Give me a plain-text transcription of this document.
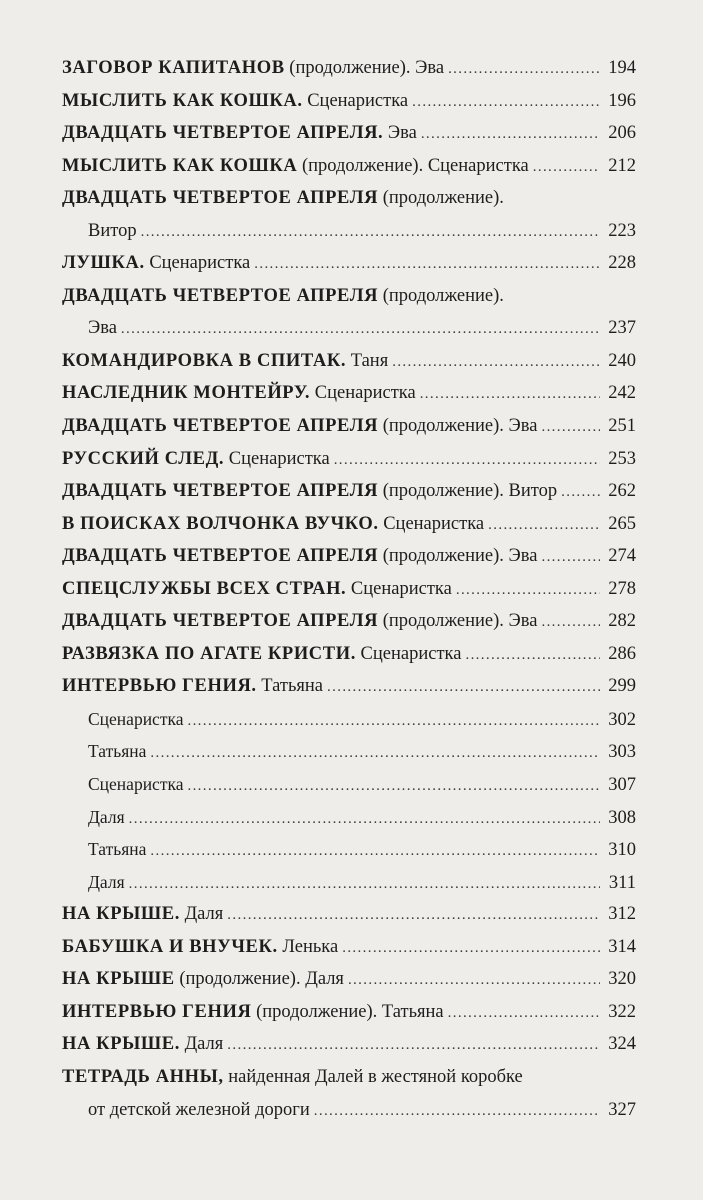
ЗАГОВОР КАПИТАНОВ (продолжение). Эва . . .	194
МЫСЛИТЬ КАК КОШКА. Сценаристка . . .	196
ДВАДЦАТЬ ЧЕТВЕРТОЕ АПРЕЛЯ. Эва . . .	206
МЫСЛИТЬ КАК КОШКА (продолжение). Сценаристка . . .	212
ДВАДЦАТЬ ЧЕТВЕРТОЕ АПРЕЛЯ (продолжение).
Витор . . .	223
ЛУШКА. Сценаристка . . .	228
ДВАДЦАТЬ ЧЕТВЕРТОЕ АПРЕЛЯ (продолжение).
Эва . . .	237
КОМАНДИРОВКА В СПИТАК. Таня . . .	240
НАСЛЕДНИК МОНТЕЙРУ. Сценаристка . . .	242
ДВАДЦАТЬ ЧЕТВЕРТОЕ АПРЕЛЯ (продолжение). Эва . . .	251
РУССКИЙ СЛЕД. Сценаристка . . .	253
ДВАДЦАТЬ ЧЕТВЕРТОЕ АПРЕЛЯ (продолжение). Витор . . .	262
В ПОИСКАХ ВОЛЧОНКА ВУЧКО. Сценаристка . . .	265
ДВАДЦАТЬ ЧЕТВЕРТОЕ АПРЕЛЯ (продолжение). Эва . . .	274
СПЕЦСЛУЖБЫ ВСЕХ СТРАН. Сценаристка . . .	278
ДВАДЦАТЬ ЧЕТВЕРТОЕ АПРЕЛЯ (продолжение). Эва . . .	282
РАЗВЯЗКА ПО АГАТЕ КРИСТИ. Сценаристка . . .	286
ИНТЕРВЬЮ ГЕНИЯ. Татьяна . . .	299
Сценаристка . . .	302
Татьяна . . .	303
Сценаристка . . .	307
Даля . . .	308
Татьяна . . .	310
Даля . . .	311
НА КРЫШЕ. Даля . . .	312
БАБУШКА И ВНУЧЕК. Ленька . . .	314
НА КРЫШЕ (продолжение). Даля . . .	320
ИНТЕРВЬЮ ГЕНИЯ (продолжение). Татьяна . . .	322
НА КРЫШЕ. Даля . . .	324
ТЕТРАДЬ АННЫ, найденная Далей в жестяной коробке
от детской железной дороги . . .	327
